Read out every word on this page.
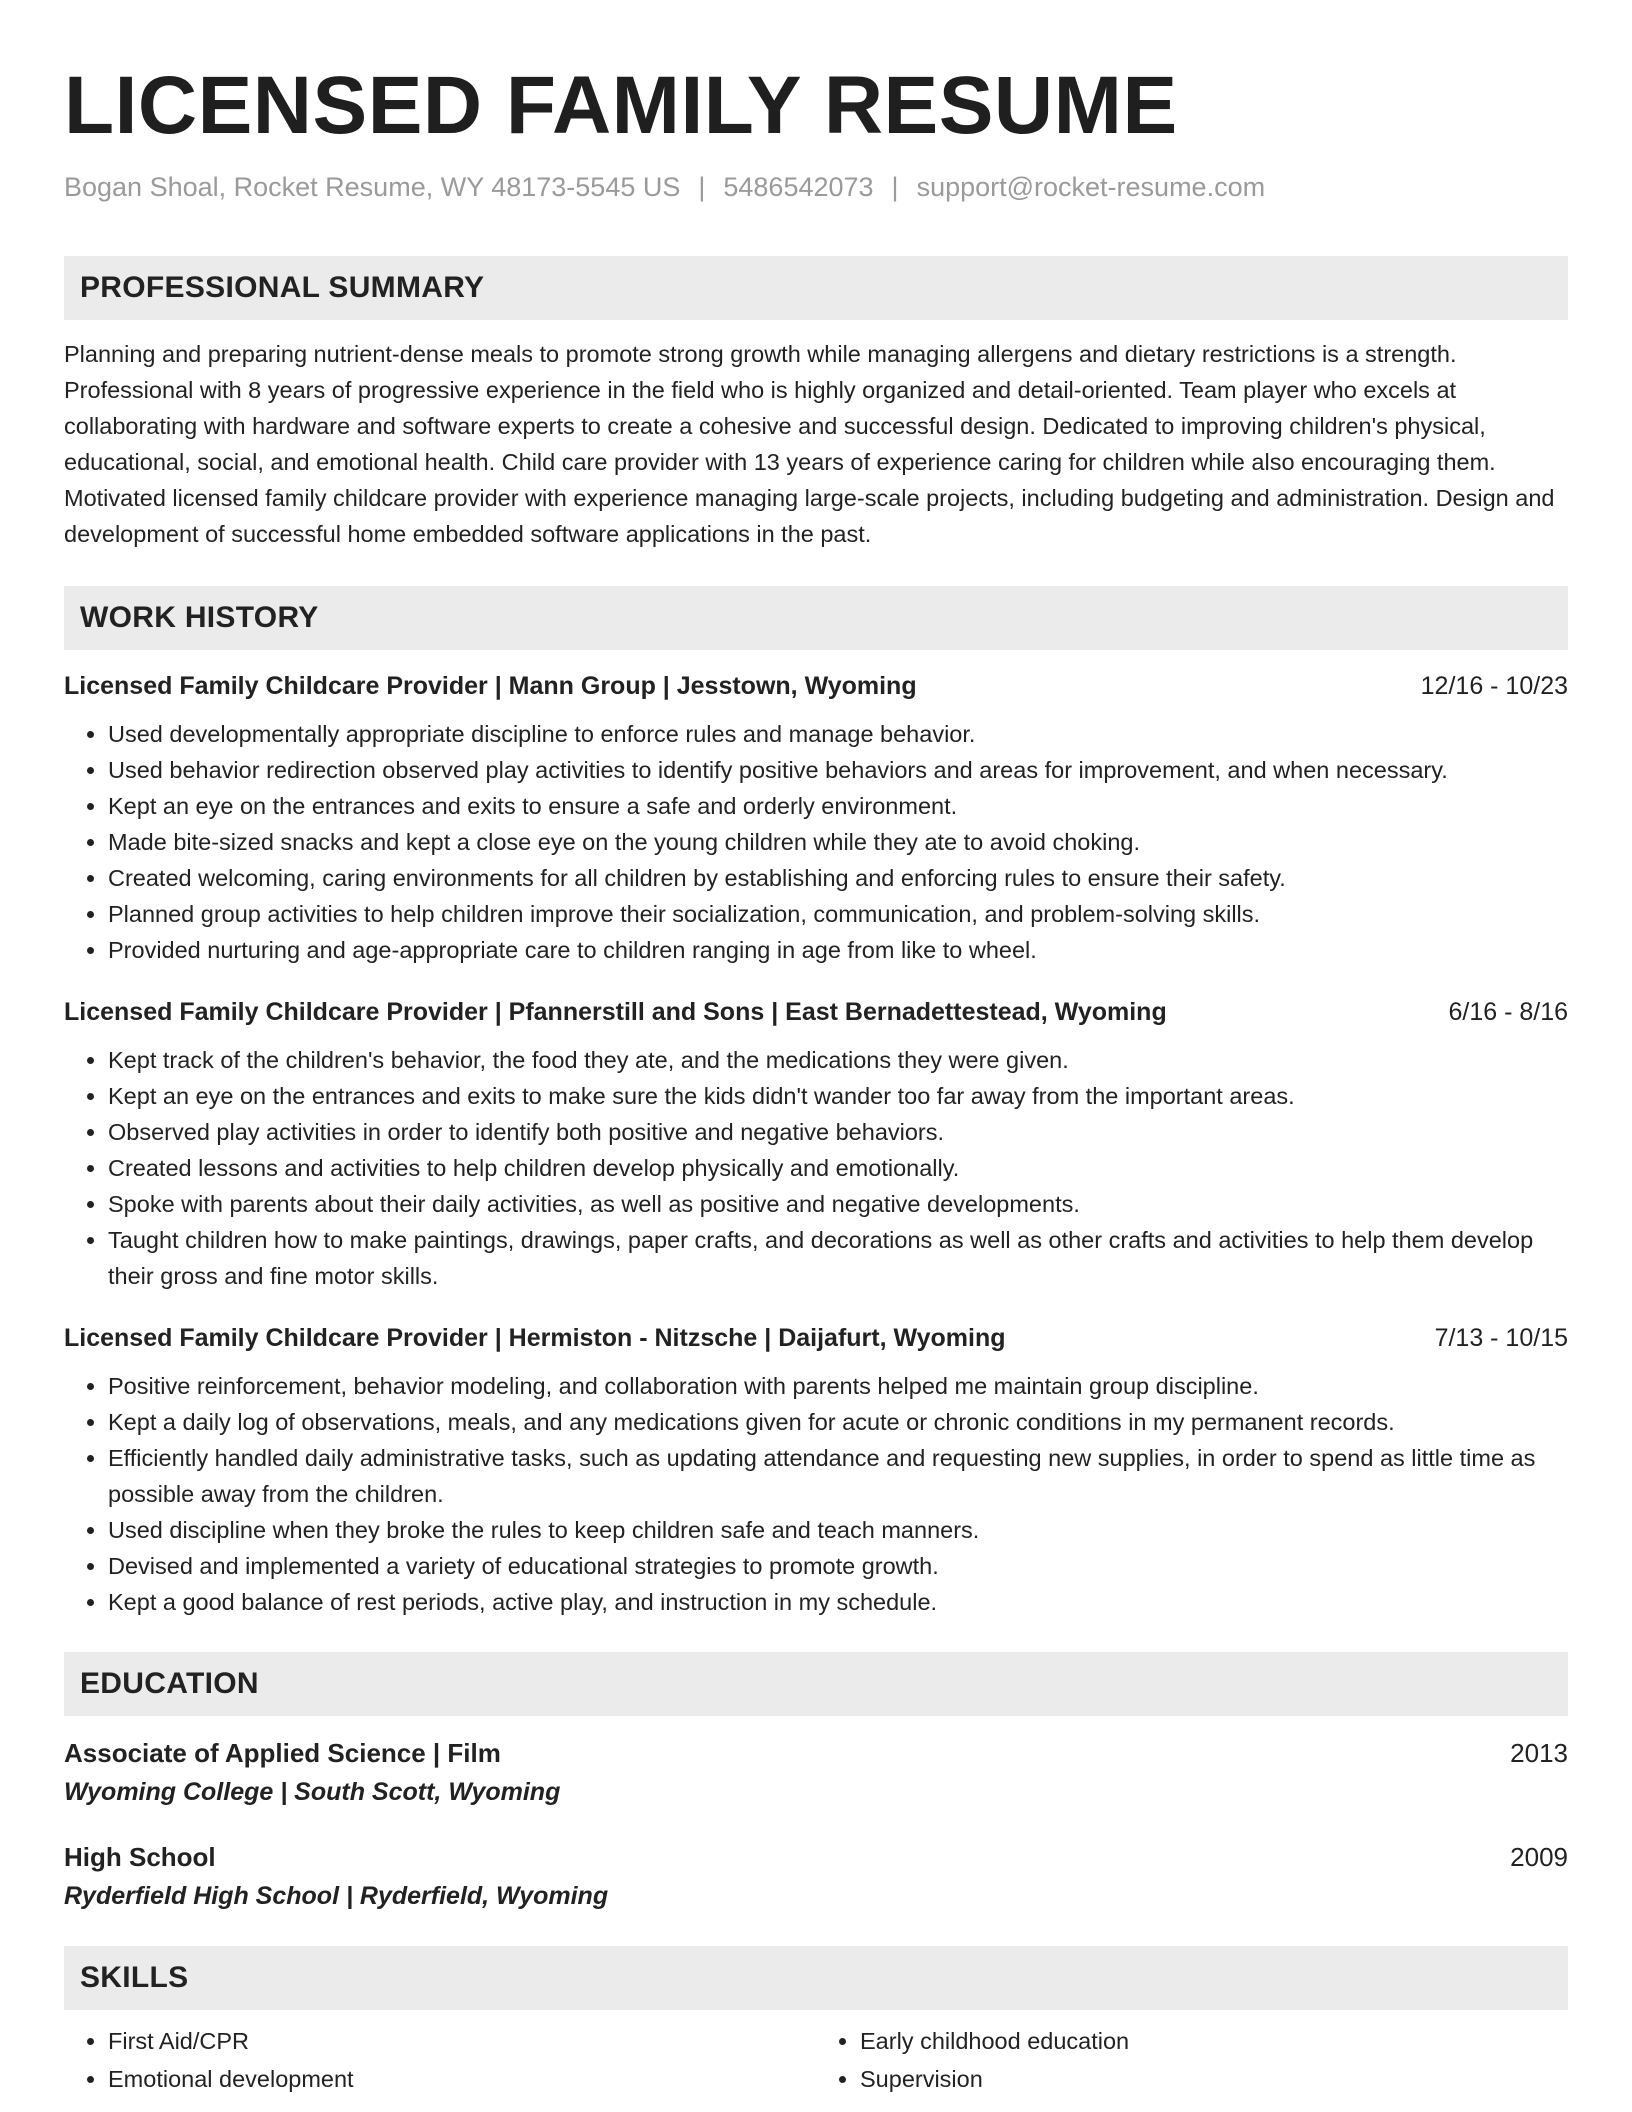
LICENSED FAMILY RESUME
Bogan Shoal, Rocket Resume, WY 48173-5545 US | 5486542073 | support@rocket-resume.com
PROFESSIONAL SUMMARY

Planning and preparing nutrient-dense meals to promote strong growth while managing allergens and dietary restrictions is a strength. Professional with 8 years of progressive experience in the field who is highly organized and detail-oriented. Team player who excels at collaborating with hardware and software experts to create a cohesive and successful design. Dedicated to improving children's physical, educational, social, and emotional health. Child care provider with 13 years of experience caring for children while also encouraging them. Motivated licensed family childcare provider with experience managing large-scale projects, including budgeting and administration. Design and development of successful home embedded software applications in the past.

WORK HISTORY
Licensed Family Childcare Provider | Mann Group | Jesstown, Wyoming	12/16 - 10/23
• Used developmentally appropriate discipline to enforce rules and manage behavior.
• Used behavior redirection observed play activities to identify positive behaviors and areas for improvement, and when necessary.
• Kept an eye on the entrances and exits to ensure a safe and orderly environment.
• Made bite-sized snacks and kept a close eye on the young children while they ate to avoid choking.
• Created welcoming, caring environments for all children by establishing and enforcing rules to ensure their safety.
• Planned group activities to help children improve their socialization, communication, and problem-solving skills.
• Provided nurturing and age-appropriate care to children ranging in age from like to wheel.
Licensed Family Childcare Provider | Pfannerstill and Sons | East Bernadettestead, Wyoming	6/16 - 8/16
• Kept track of the children's behavior, the food they ate, and the medications they were given.
• Kept an eye on the entrances and exits to make sure the kids didn't wander too far away from the important areas.
• Observed play activities in order to identify both positive and negative behaviors.
• Created lessons and activities to help children develop physically and emotionally.
• Spoke with parents about their daily activities, as well as positive and negative developments.
• Taught children how to make paintings, drawings, paper crafts, and decorations as well as other crafts and activities to help them develop their gross and fine motor skills.
Licensed Family Childcare Provider | Hermiston - Nitzsche | Daijafurt, Wyoming	7/13 - 10/15
• Positive reinforcement, behavior modeling, and collaboration with parents helped me maintain group discipline.
• Kept a daily log of observations, meals, and any medications given for acute or chronic conditions in my permanent records.
• Efficiently handled daily administrative tasks, such as updating attendance and requesting new supplies, in order to spend as little time as possible away from the children.
• Used discipline when they broke the rules to keep children safe and teach manners.
• Devised and implemented a variety of educational strategies to promote growth.
• Kept a good balance of rest periods, active play, and instruction in my schedule.
EDUCATION
Associate of Applied Science | Film	2013
Wyoming College | South Scott, Wyoming
High School	2009
Ryderfield High School | Ryderfield, Wyoming
SKILLS
• First Aid/CPR
• Emotional development
• Early childhood education
• Supervision
